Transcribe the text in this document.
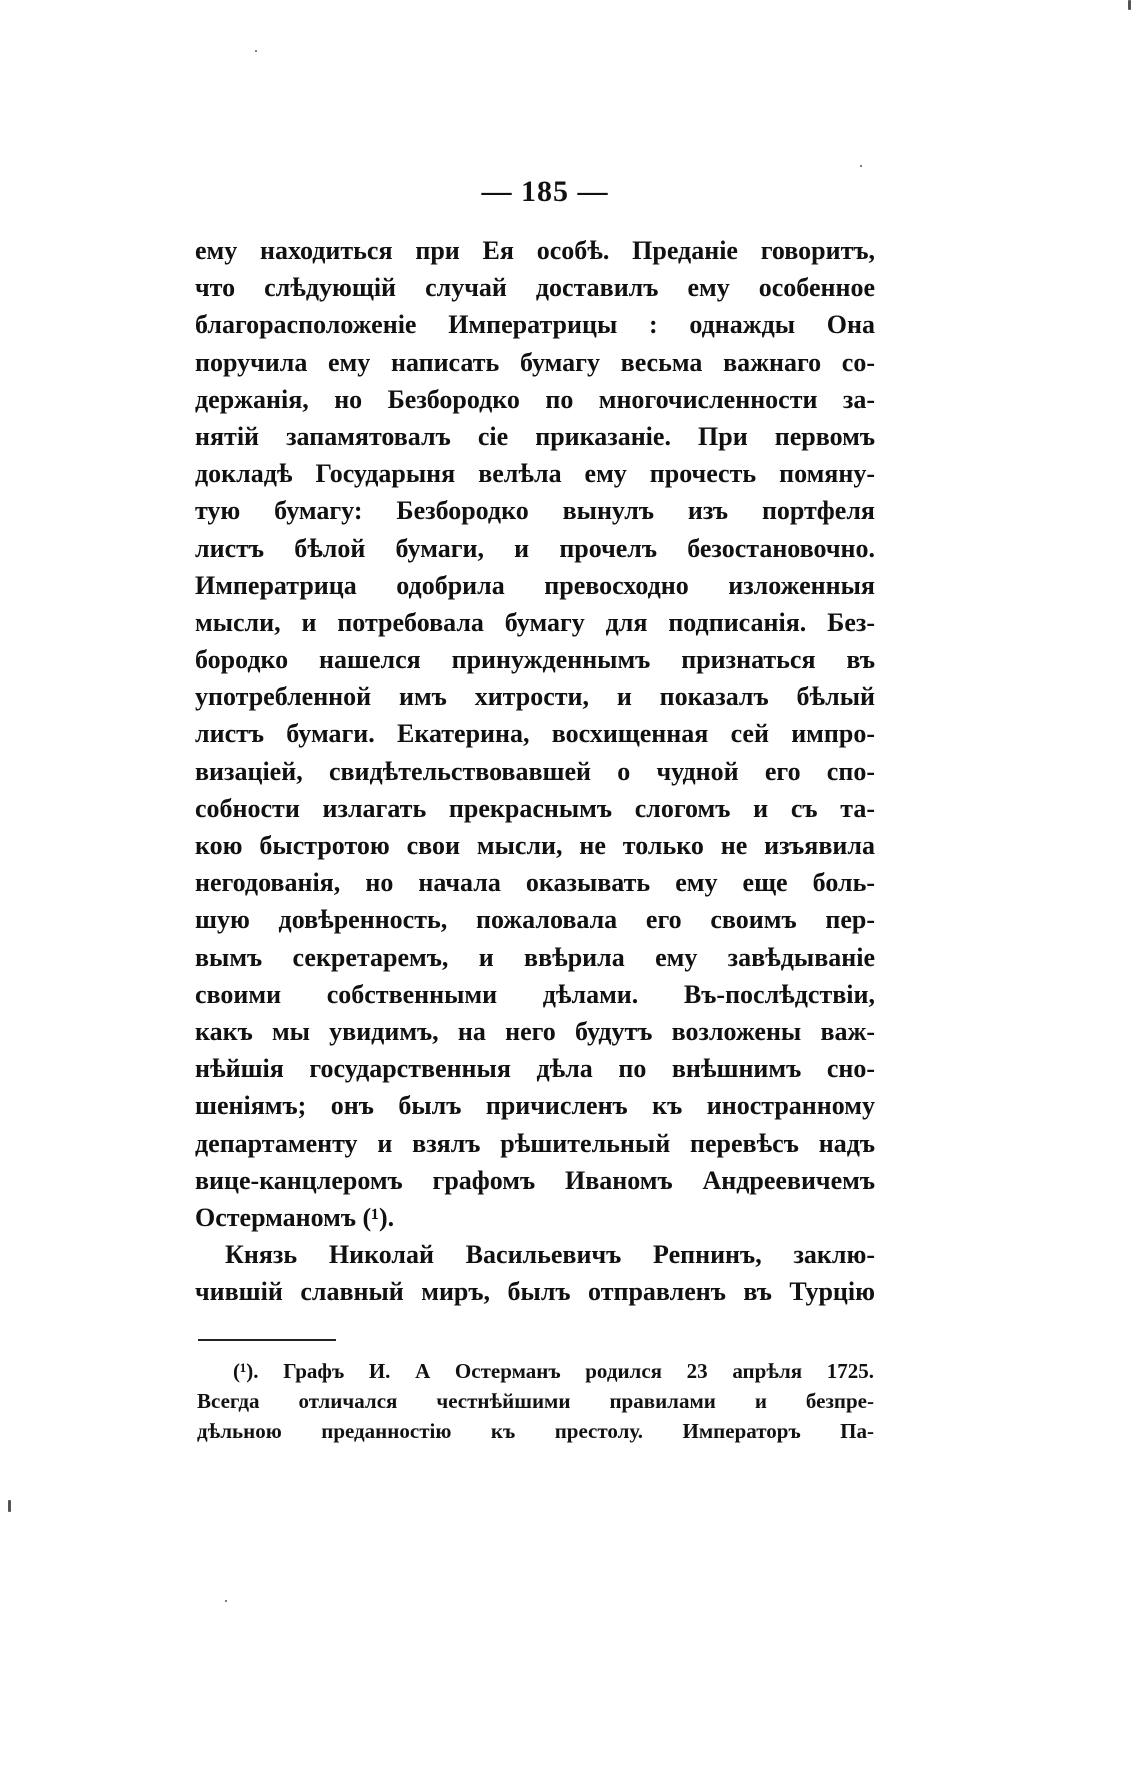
— 185 —
ему находиться при Ея особѣ. Преданіе говоритъ,
что слѣдующій случай доставилъ ему особенное
благорасположеніе Императрицы : однажды Она
поручила ему написать бумагу весьма важнаго со-
держанія, но Безбородко по многочисленности за-
нятій запамятовалъ сіе приказаніе. При первомъ
докладѣ Государыня велѣла ему прочесть помяну-
тую бумагу: Безбородко вынулъ изъ портфеля
листъ бѣлой бумаги, и прочелъ безостановочно.
Императрица одобрила превосходно изложенныя
мысли, и потребовала бумагу для подписанія. Без-
бородко нашелся принужденнымъ признаться въ
употребленной имъ хитрости, и показалъ бѣлый
листъ бумаги. Екатерина, восхищенная сей импро-
визаціей, свидѣтельствовавшей о чудной его спо-
собности излагать прекраснымъ слогомъ и съ та-
кою быстротою свои мысли, не только не изъявила
негодованія, но начала оказывать ему еще боль-
шую довѣренность, пожаловала его своимъ пер-
вымъ секретаремъ, и ввѣрила ему завѣдываніе
своими собственными дѣлами. Въ-послѣдствіи,
какъ мы увидимъ, на него будутъ возложены важ-
нѣйшія государственныя дѣла по внѣшнимъ сно-
шеніямъ; онъ былъ причисленъ къ иностранному
департаменту и взялъ рѣшительный перевѣсъ надъ
вице-канцлеромъ графомъ Иваномъ Андреевичемъ
Остерманомъ (¹).
Князь Николай Васильевичъ Репнинъ, заклю-
чившій славный миръ, былъ отправленъ въ Турцію
(¹). Графъ И. А Остерманъ родился 23 апрѣля 1725.
Всегда отличался честнѣйшими правилами и безпре-
дѣльною преданностію къ престолу. Императоръ Па-
